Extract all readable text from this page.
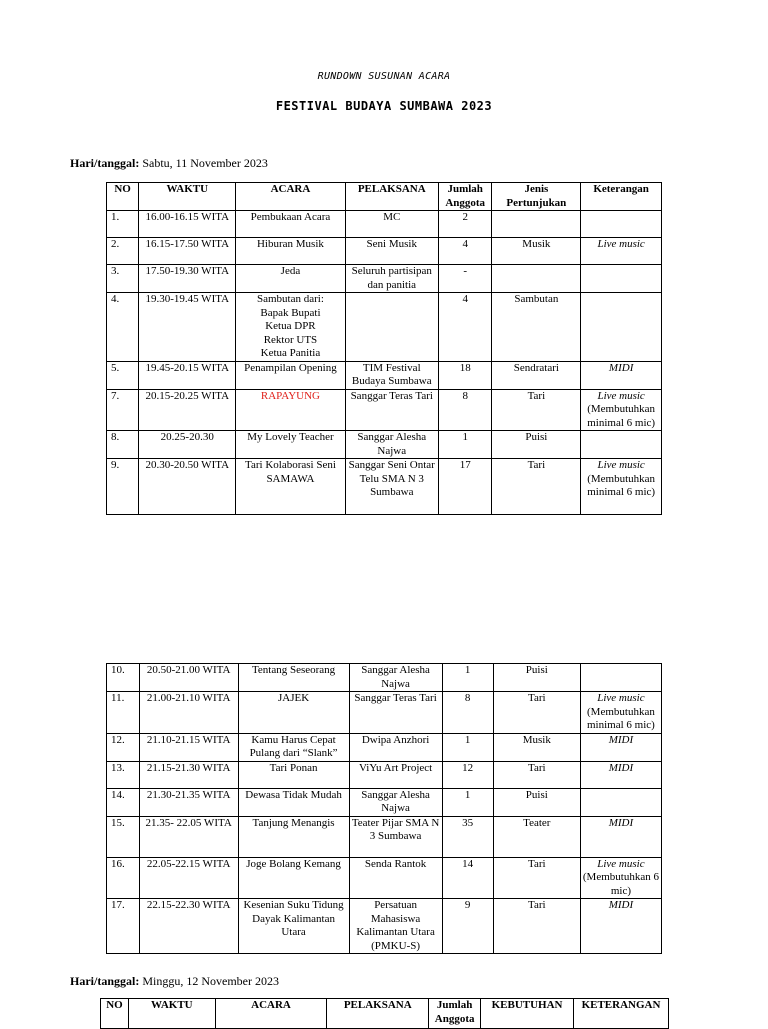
RUNDOWN SUSUNAN ACARA
FESTIVAL BUDAYA SUMBAWA 2023
Hari/tanggal: Sabtu, 11 November 2023
NO	WAKTU	ACARA	PELAKSANA	Jumlah Anggota	Jenis Pertunjukan	Keterangan
1.	16.00-16.15 WITA	Pembukaan Acara	MC	2		
2.	16.15-17.50 WITA	Hiburan Musik	Seni Musik	4	Musik	Live music
3.	17.50-19.30 WITA	Jeda	Seluruh partisipan dan panitia	-		
4.	19.30-19.45 WITA	Sambutan dari:
Bapak Bupati
Ketua DPR
Rektor UTS
Ketua Panitia		4	Sambutan	
5.	19.45-20.15 WITA	Penampilan Opening	TIM Festival Budaya Sumbawa	18	Sendratari	MIDI
7.	20.15-20.25 WITA	RAPAYUNG	Sanggar Teras Tari	8	Tari	Live music
(Membutuhkan minimal 6 mic)
8.	20.25-20.30	My Lovely Teacher	Sanggar Alesha Najwa	1	Puisi	
9.	20.30-20.50 WITA	Tari Kolaborasi Seni SAMAWA	Sanggar Seni Ontar Telu SMA N 3 Sumbawa	17	Tari	Live music
(Membutuhkan minimal 6 mic)
10.	20.50-21.00 WITA	Tentang Seseorang	Sanggar Alesha Najwa	1	Puisi	
11.	21.00-21.10 WITA	JAJEK	Sanggar Teras Tari	8	Tari	Live music
(Membutuhkan minimal 6 mic)
12.	21.10-21.15 WITA	Kamu Harus Cepat Pulang dari “Slank”	Dwipa Anzhori	1	Musik	MIDI
13.	21.15-21.30 WITA	Tari Ponan	ViYu Art Project	12	Tari	MIDI
14.	21.30-21.35 WITA	Dewasa Tidak Mudah	Sanggar Alesha Najwa	1	Puisi	
15.	21.35- 22.05 WITA	Tanjung Menangis	Teater Pijar SMA N 3 Sumbawa	35	Teater	MIDI
16.	22.05-22.15 WITA	Joge Bolang Kemang	Senda Rantok	14	Tari	Live music
(Membutuhkan 6 mic)
17.	22.15-22.30 WITA	Kesenian Suku Tidung Dayak Kalimantan Utara	Persatuan Mahasiswa Kalimantan Utara (PMKU-S)	9	Tari	MIDI
Hari/tanggal: Minggu, 12 November 2023
NO	WAKTU	ACARA	PELAKSANA	Jumlah Anggota	KEBUTUHAN	KETERANGAN
